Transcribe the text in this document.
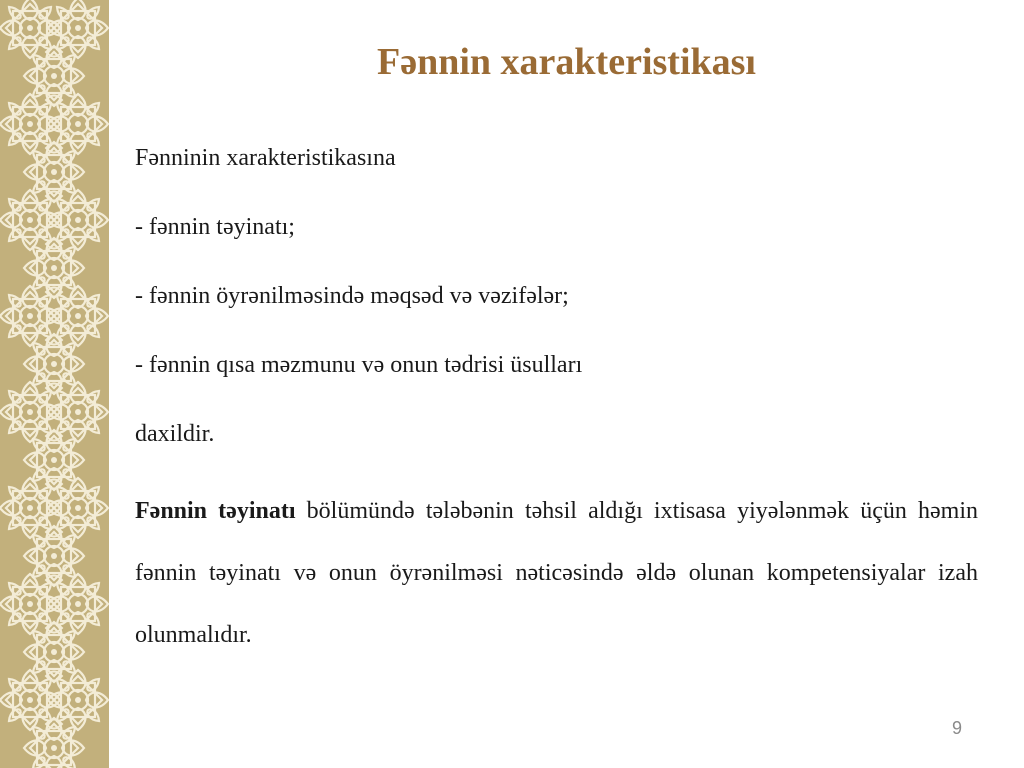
Fənnin xarakteristikası

Fənninin xarakteristikasına

- fənnin təyinatı;

- fənnin öyrənilməsində məqsəd və vəzifələr;

- fənnin qısa məzmunu və onun tədrisi üsulları

daxildir.

Fənnin təyinatı bölümündə tələbənin təhsil aldığı ixtisasa yiyələnmək üçün həmin fənnin təyinatı və onun öyrənilməsi nəticəsində əldə olunan kompetensiyalar izah olunmalıdır.

9
